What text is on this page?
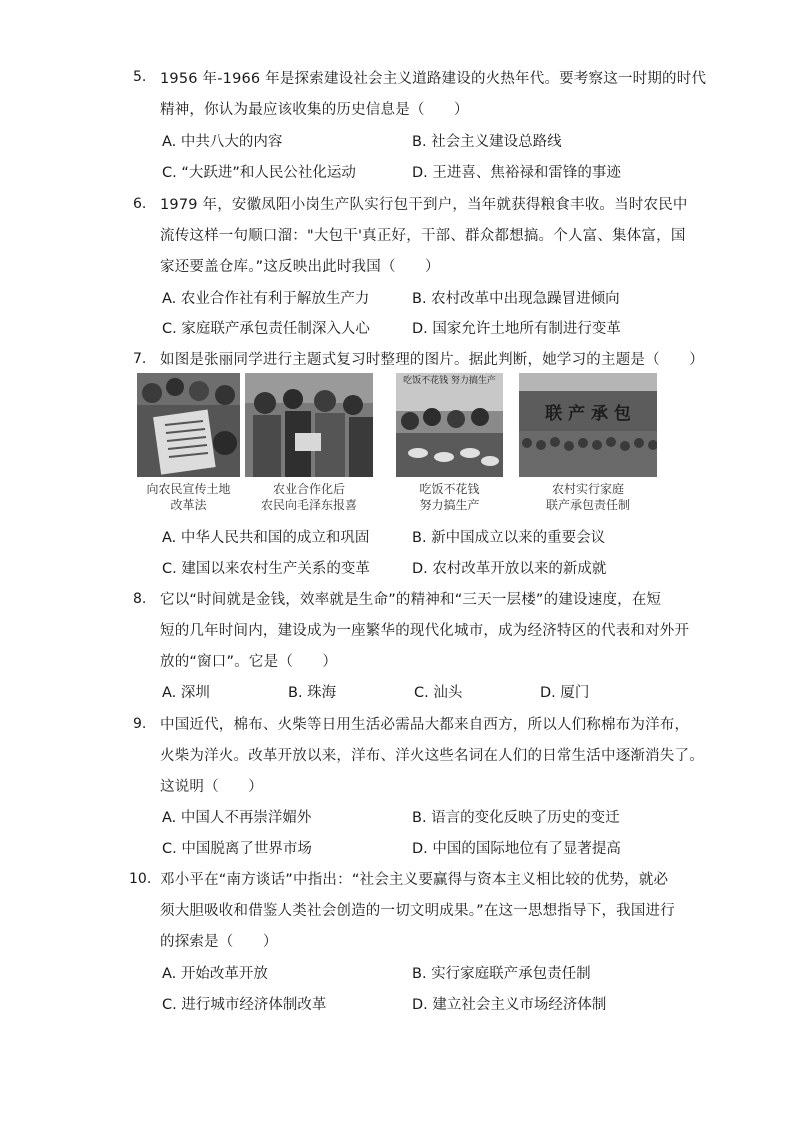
5. 1956 年-1966 年是探索建设社会主义道路建设的火热年代。要考察这一时期的时代
精神，你认为最应该收集的历史信息是（　　）
A. 中共八大的内容	B. 社会主义建设总路线
C. “大跃进”和人民公社化运动	D. 王进喜、焦裕禄和雷锋的事迹
6. 1979 年，安徽凤阳小岗生产队实行包干到户，当年就获得粮食丰收。当时农民中
流传这样一句顺口溜："大包干'真正好，干部、群众都想搞。个人富、集体富，国
家还要盖仓库。”这反映出此时我国（　　）
A. 农业合作社有利于解放生产力	B. 农村改革中出现急躁冒进倾向
C. 家庭联产承包责任制深入人心	D. 国家允许土地所有制进行变革
7. 如图是张丽同学进行主题式复习时整理的图片。据此判断，她学习的主题是（　　）
吃饭不花钱 努力搞生产
联 产 承 包
向农民宣传土地
改革法
农业合作化后
农民向毛泽东报喜
吃饭不花钱
努力搞生产
农村实行家庭
联产承包责任制
A. 中华人民共和国的成立和巩固	B. 新中国成立以来的重要会议
C. 建国以来农村生产关系的变革	D. 农村改革开放以来的新成就
8. 它以“时间就是金钱，效率就是生命”的精神和“三天一层楼”的建设速度，在短
短的几年时间内，建设成为一座繁华的现代化城市，成为经济特区的代表和对外开
放的“窗口”。它是（　　）
A. 深圳	B. 珠海	C. 汕头	D. 厦门
9. 中国近代，棉布、火柴等日用生活必需品大都来自西方，所以人们称棉布为洋布，
火柴为洋火。改革开放以来，洋布、洋火这些名词在人们的日常生活中逐渐消失了。
这说明（　　）
A. 中国人不再崇洋媚外	B. 语言的变化反映了历史的变迁
C. 中国脱离了世界市场	D. 中国的国际地位有了显著提高
10. 邓小平在“南方谈话”中指出：“社会主义要赢得与资本主义相比较的优势，就必
须大胆吸收和借鉴人类社会创造的一切文明成果。”在这一思想指导下，我国进行
的探索是（　　）
A. 开始改革开放	B. 实行家庭联产承包责任制
C. 进行城市经济体制改革	D. 建立社会主义市场经济体制
